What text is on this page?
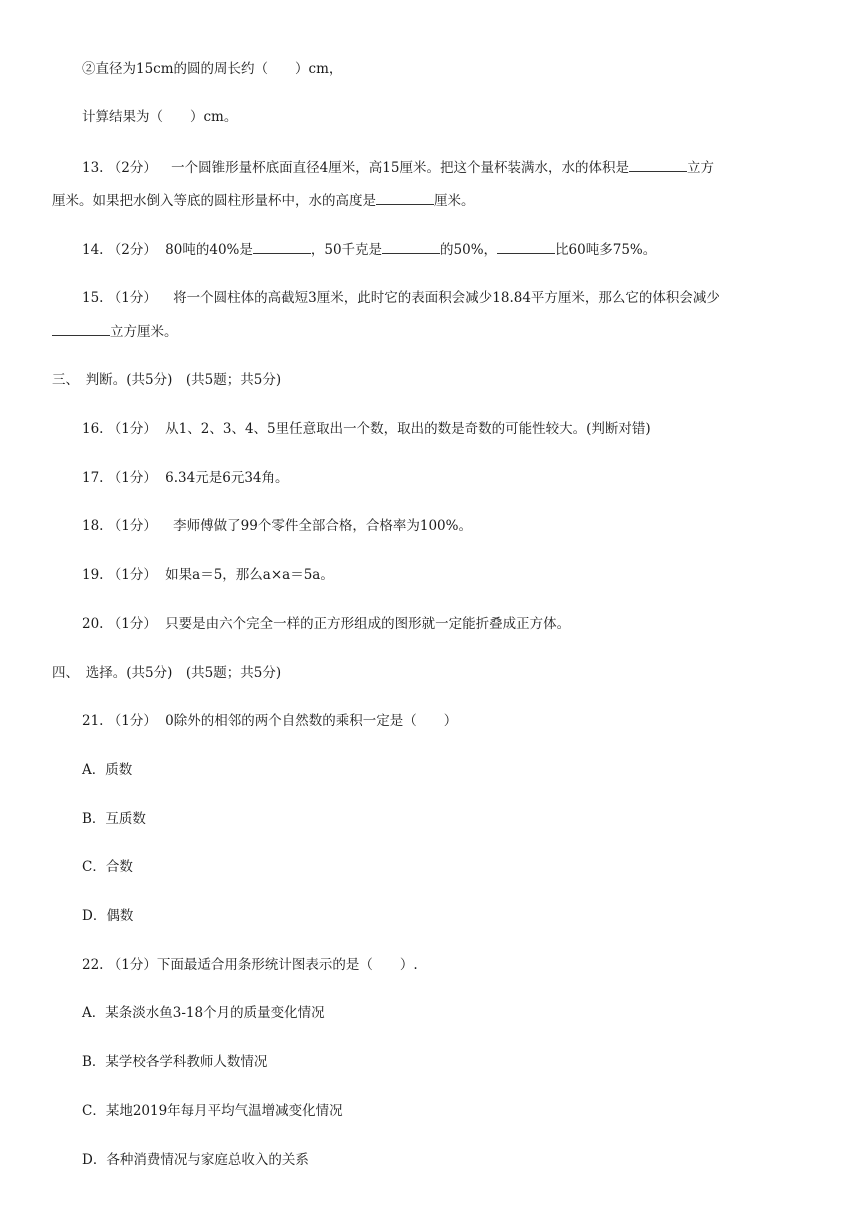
②直径为15cm的圆的周长约（　　）cm，
计算结果为（　　）cm。
13. （2分） 一个圆锥形量杯底面直径4厘米，高15厘米。把这个量杯装满水，水的体积是	立方
厘米。如果把水倒入等底的圆柱形量杯中，水的高度是	厘米。
14. （2分） 80吨的40%是	，50千克是	的50%，	比60吨多75%。
15. （1分） 将一个圆柱体的高截短3厘米，此时它的表面积会减少18.84平方厘米，那么它的体积会减少
立方厘米。
三、　判断。(共5分)　(共5题；共5分)
16. （1分） 从1、2、3、4、5里任意取出一个数，取出的数是奇数的可能性较大。(判断对错)
17. （1分） 6.34元是6元34角。
18. （1分） 李师傅做了99个零件全部合格，合格率为100%。
19. （1分） 如果a＝5，那么a×a＝5a。
20. （1分） 只要是由六个完全一样的正方形组成的图形就一定能折叠成正方体。
四、　选择。(共5分)　(共5题；共5分)
21. （1分） 0除外的相邻的两个自然数的乘积一定是（　　）
A．质数
B．互质数
C．合数
D．偶数
22. （1分）下面最适合用条形统计图表示的是（　　）.
A．某条淡水鱼3-18个月的质量变化情况
B．某学校各学科教师人数情况
C．某地2019年每月平均气温增减变化情况
D．各种消费情况与家庭总收入的关系
